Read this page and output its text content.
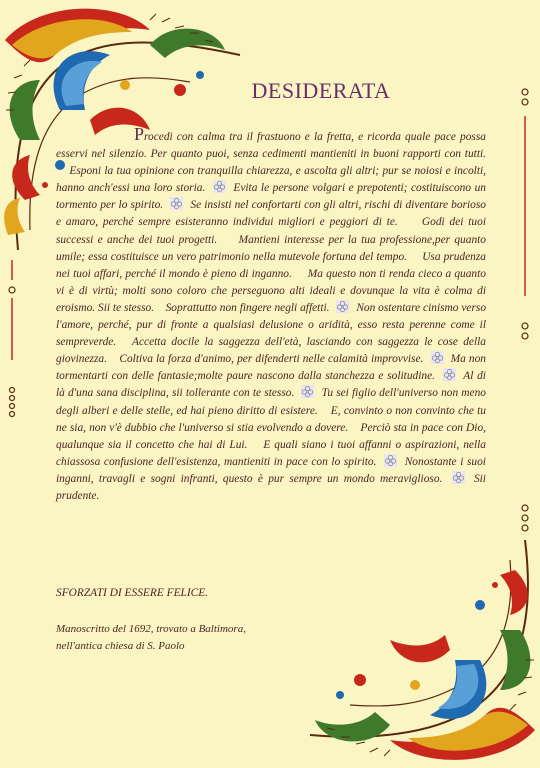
DESIDERATA

Procedi con calma tra il frastuono e la fretta, e ricorda quale pace possa esservi nel silenzio. Per quanto puoi, senza cedimenti mantieniti in buoni rapporti con tutti.     Esponi la tua opinione con tranquilla chiarezza, e ascolta gli altri; pur se noiosi e incolti, hanno anch'essi una loro storia. Evita le persone volgari e prepotenti; costituiscono un tormento per lo spirito. Se insisti nel confortarti con gli altri, rischi di diventare borioso e amaro, perché sempre esisteranno individui migliori e peggiori di te. Godi dei tuoi successi e anche dei tuoi progetti. Mantieni interesse per la tua professione,per quanto umile; essa costituisce un vero patrimonio nella mutevole fortuna del tempo. Usa prudenza nei tuoi affari, perché il mondo è pieno di inganno. Ma questo non ti renda cieco a quanto vi è di virtù; molti sono coloro che perseguono alti ideali e dovunque la vita è colma di eroismo. Sii te stesso. Soprattutto non fingere negli affetti. Non ostentare cinismo verso l'amore, perché, pur di fronte a qualsiasi delusione o aridità, esso resta perenne come il sempreverde. Accetta docile la saggezza dell'età, lasciando con saggezza le cose della giovinezza. Coltiva la forza d'animo, per difenderti nelle calamità improvvise. Ma non tormentarti con delle fantasie;molte paure nascono dalla stanchezza e solitudine. Al di là d'una sana disciplina, sii tollerante con te stesso. Tu sei figlio dell'universo non meno degli alberi e delle stelle, ed hai pieno diritto di esistere. E, convinto o non convinto che tu ne sia, non v'è dubbio che l'universo si stia evolvendo a dovere. Perciò sta in pace con Dio, qualunque sia il concetto che hai di Lui. E quali siano i tuoi affanni o aspirazioni, nella chiassosa confusione dell'esistenza, mantieniti in pace con lo spirito. Nonostante i suoi inganni, travagli e sogni infranti, questo è pur sempre un mondo meraviglioso.	Sii prudente.

SFORZATI DI ESSERE FELICE.
Manoscritto del 1692, trovato a Baltimora,
nell'antica chiesa di S. Paolo
